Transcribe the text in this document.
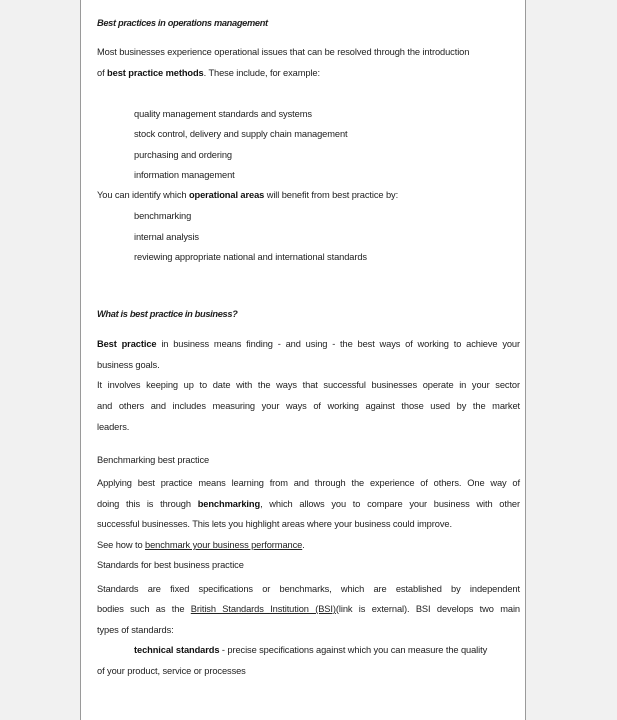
Best practices in operations management
Most businesses experience operational issues that can be resolved through the introduction
of best practice methods. These include, for example:
quality management standards and systems
stock control, delivery and supply chain management
purchasing and ordering
information management
You can identify which operational areas will benefit from best practice by:
benchmarking
internal analysis
reviewing appropriate national and international standards
What is best practice in business?
Best practice in business means finding - and using - the best ways of working to achieve your
business goals.
It involves keeping up to date with the ways that successful businesses operate in your sector
and others and includes measuring your ways of working against those used by the market
leaders.
Benchmarking best practice
Applying best practice means learning from and through the experience of others. One way of
doing this is through benchmarking, which allows you to compare your business with other
successful businesses. This lets you highlight areas where your business could improve.
See how to benchmark your business performance.
Standards for best business practice
Standards are fixed specifications or benchmarks, which are established by independent
bodies such as the British Standards Institution (BSI)(link is external). BSI develops two main
types of standards:
technical standards - precise specifications against which you can measure the quality
of your product, service or processes
